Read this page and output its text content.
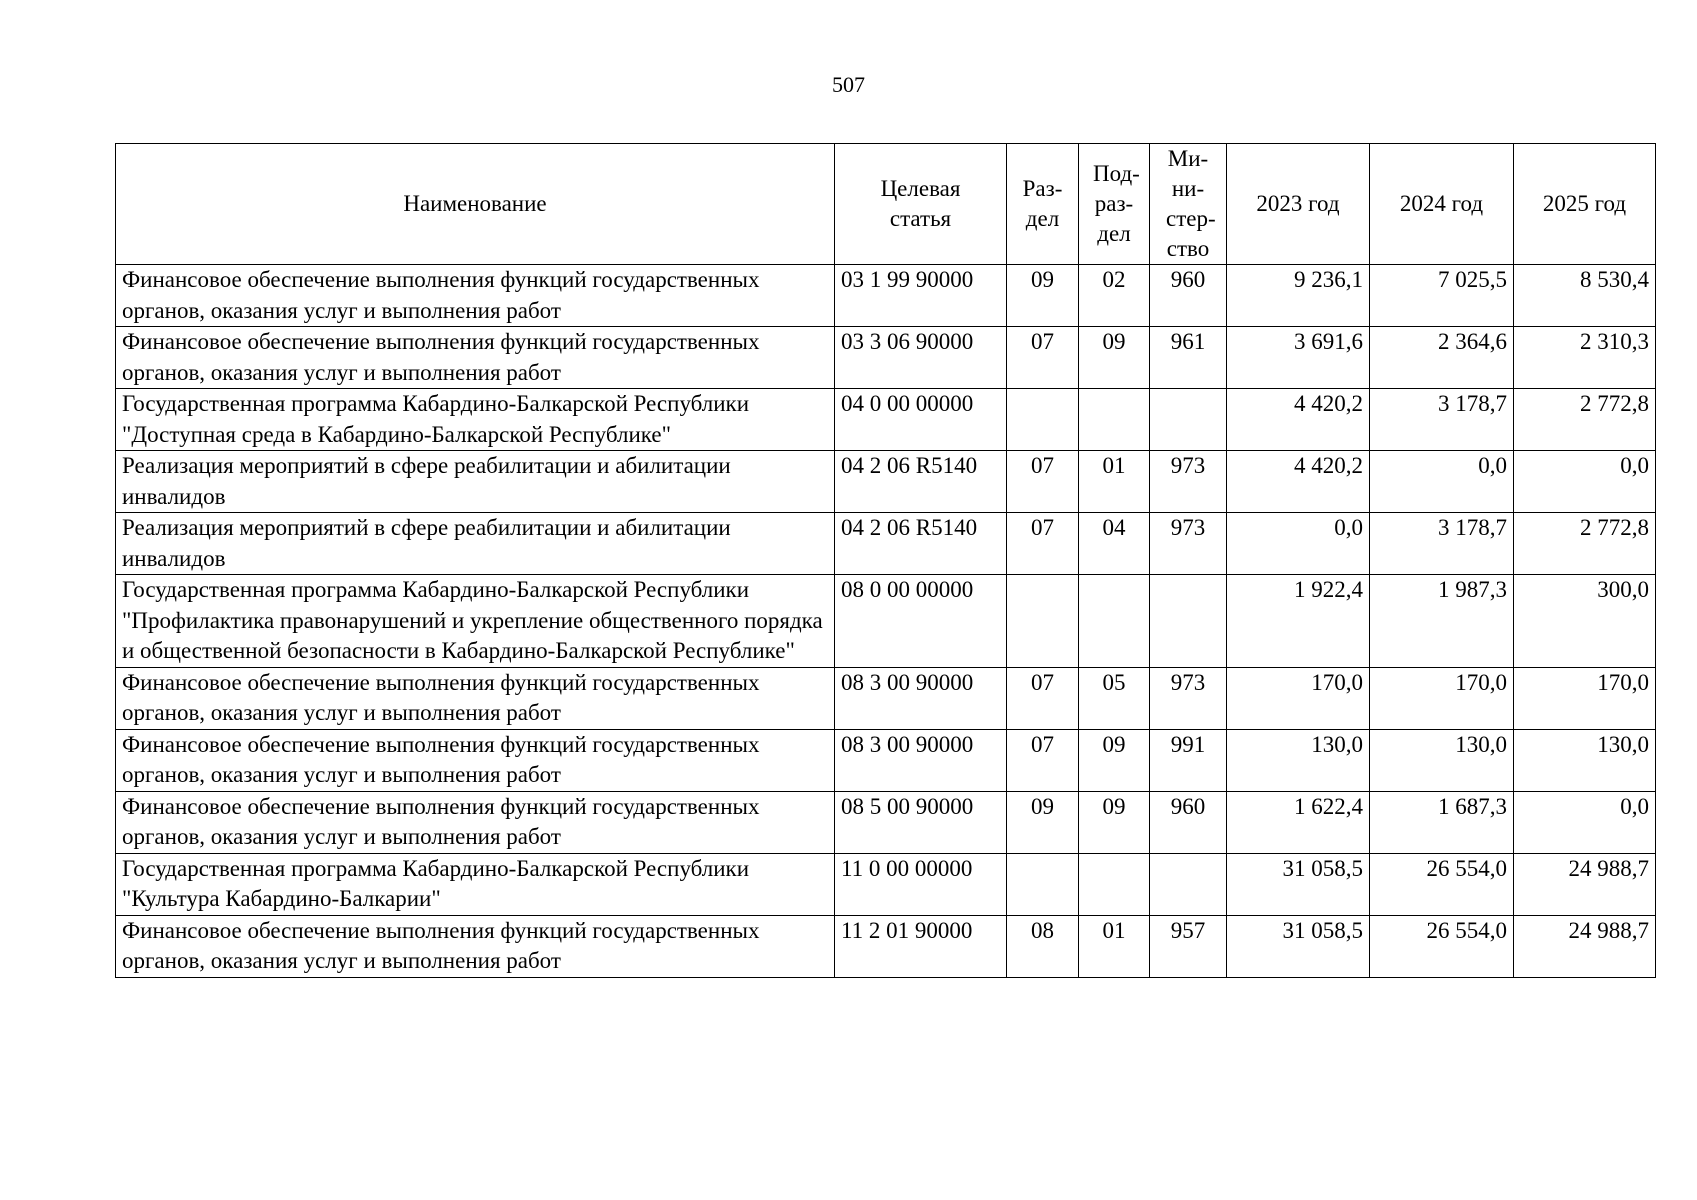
507
Наименование	Целевая статья	Раз- дел	Под- раз- дел	Ми- ни- стер- ство	2023 год	2024 год	2025 год
Финансовое обеспечение выполнения функций государственных органов, оказания услуг и выполнения работ	03 1 99 90000	09	02	960	9 236,1	7 025,5	8 530,4
Финансовое обеспечение выполнения функций государственных органов, оказания услуг и выполнения работ	03 3 06 90000	07	09	961	3 691,6	2 364,6	2 310,3
Государственная программа Кабардино-Балкарской Республики "Доступная среда в Кабардино-Балкарской Республике"	04 0 00 00000				4 420,2	3 178,7	2 772,8
Реализация мероприятий в сфере реабилитации и абилитации инвалидов	04 2 06 R5140	07	01	973	4 420,2	0,0	0,0
Реализация мероприятий в сфере реабилитации и абилитации инвалидов	04 2 06 R5140	07	04	973	0,0	3 178,7	2 772,8
Государственная программа Кабардино-Балкарской Республики "Профилактика правонарушений и укрепление общественного порядка и общественной безопасности в Кабардино-Балкарской Республике"	08 0 00 00000				1 922,4	1 987,3	300,0
Финансовое обеспечение выполнения функций государственных органов, оказания услуг и выполнения работ	08 3 00 90000	07	05	973	170,0	170,0	170,0
Финансовое обеспечение выполнения функций государственных органов, оказания услуг и выполнения работ	08 3 00 90000	07	09	991	130,0	130,0	130,0
Финансовое обеспечение выполнения функций государственных органов, оказания услуг и выполнения работ	08 5 00 90000	09	09	960	1 622,4	1 687,3	0,0
Государственная программа Кабардино-Балкарской Республики "Культура Кабардино-Балкарии"	11 0 00 00000				31 058,5	26 554,0	24 988,7
Финансовое обеспечение выполнения функций государственных органов, оказания услуг и выполнения работ	11 2 01 90000	08	01	957	31 058,5	26 554,0	24 988,7
